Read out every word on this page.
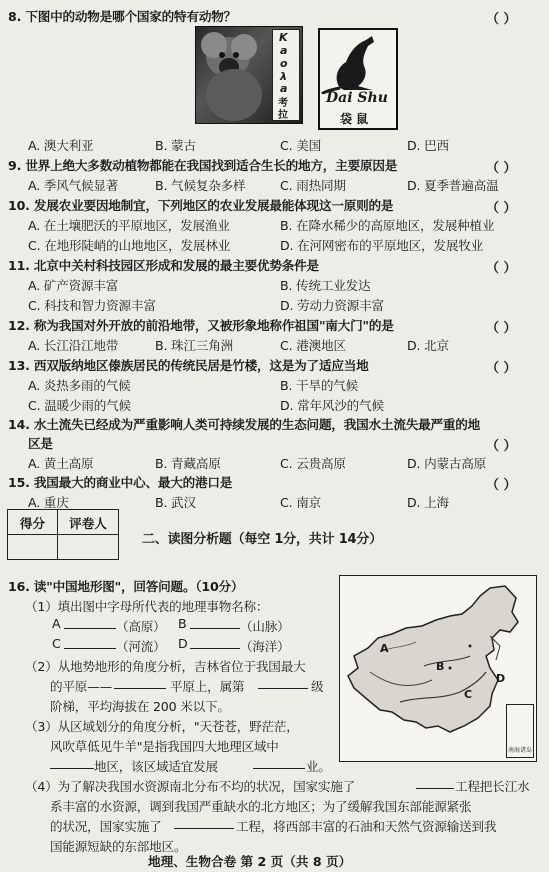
8. 下图中的动物是哪个国家的特有动物？	（ ）
K
a
o
λ
a
考
拉
Dai Shu
袋 鼠
A. 澳大利亚	B. 蒙古	C. 美国	D. 巴西
9. 世界上绝大多数动植物都能在我国找到适合生长的地方，主要原因是	（ ）
A. 季风气候显著	B. 气候复杂多样	C. 雨热同期	D. 夏季普遍高温
10. 发展农业要因地制宜，下列地区的农业发展最能体现这一原则的是	（ ）
A. 在土壤肥沃的平原地区，发展渔业	B. 在降水稀少的高原地区，发展种植业
C. 在地形陡峭的山地地区，发展林业	D. 在河网密布的平原地区，发展牧业
11. 北京中关村科技园区形成和发展的最主要优势条件是	（ ）
A. 矿产资源丰富	B. 传统工业发达
C. 科技和智力资源丰富	D. 劳动力资源丰富
12. 称为我国对外开放的前沿地带，又被形象地称作祖国"南大门"的是	（ ）
A. 长江沿江地带	B. 珠江三角洲	C. 港澳地区	D. 北京
13. 西双版纳地区傣族居民的传统民居是竹楼，这是为了适应当地	（ ）
A. 炎热多雨的气候	B. 干旱的气候
C. 温暖少雨的气候	D. 常年风沙的气候
14. 水土流失已经成为严重影响人类可持续发展的生态问题，我国水土流失最严重的地
区是	（ ）
A. 黄土高原	B. 青藏高原	C. 云贵高原	D. 内蒙古高原
15. 我国最大的商业中心、最大的港口是	（ ）
A. 重庆	B. 武汉	C. 南京	D. 上海
得分	评卷人

二、读图分析题（每空 1分，共计 14分）
16. 读"中国地形图"，回答问题。（10分）
（1）填出图中字母所代表的地理事物名称：
A	（高原） B	（山脉）
C	（河流） D	（海洋）
（2）从地势地形的角度分析，吉林省位于我国最大
的平原——	平原上，属第	级
阶梯，平均海拔在 200 米以下。
（3）从区域划分的角度分析，"天苍苍，野茫茫，
风吹草低见牛羊"是指我国四大地理区域中
地区，该区域适宜发展	业。
（4）为了解决我国水资源南北分布不均的状况，国家实施了	工程把长江水
系丰富的水资源，调到我国严重缺水的北方地区；为了缓解我国东部能源紧张
的状况，国家实施了	工程，将西部丰富的石油和天然气资源输送到我
国能源短缺的东部地区。
A
B
C
D
南海诸岛
地理、生物合卷 第 2 页（共 8 页）
